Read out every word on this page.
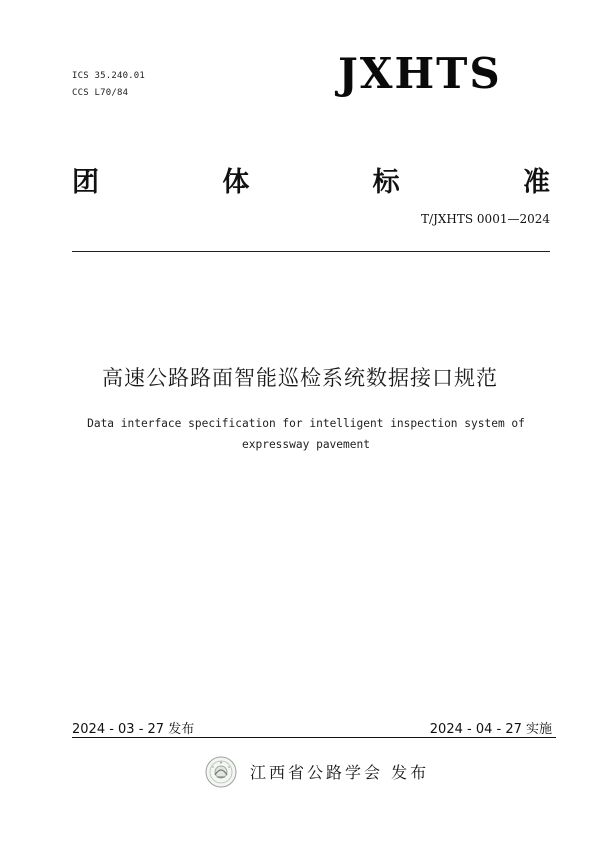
ICS 35.240.01
CCS L70/84	JXHTS
团	体	标	准
T/JXHTS 0001—2024
高速公路路面智能巡检系统数据接口规范
Data interface specification for intelligent inspection system of
expressway pavement
2024 - 03 - 27 发布	2024 - 04 - 27 实施
江西省公路学会 发布
